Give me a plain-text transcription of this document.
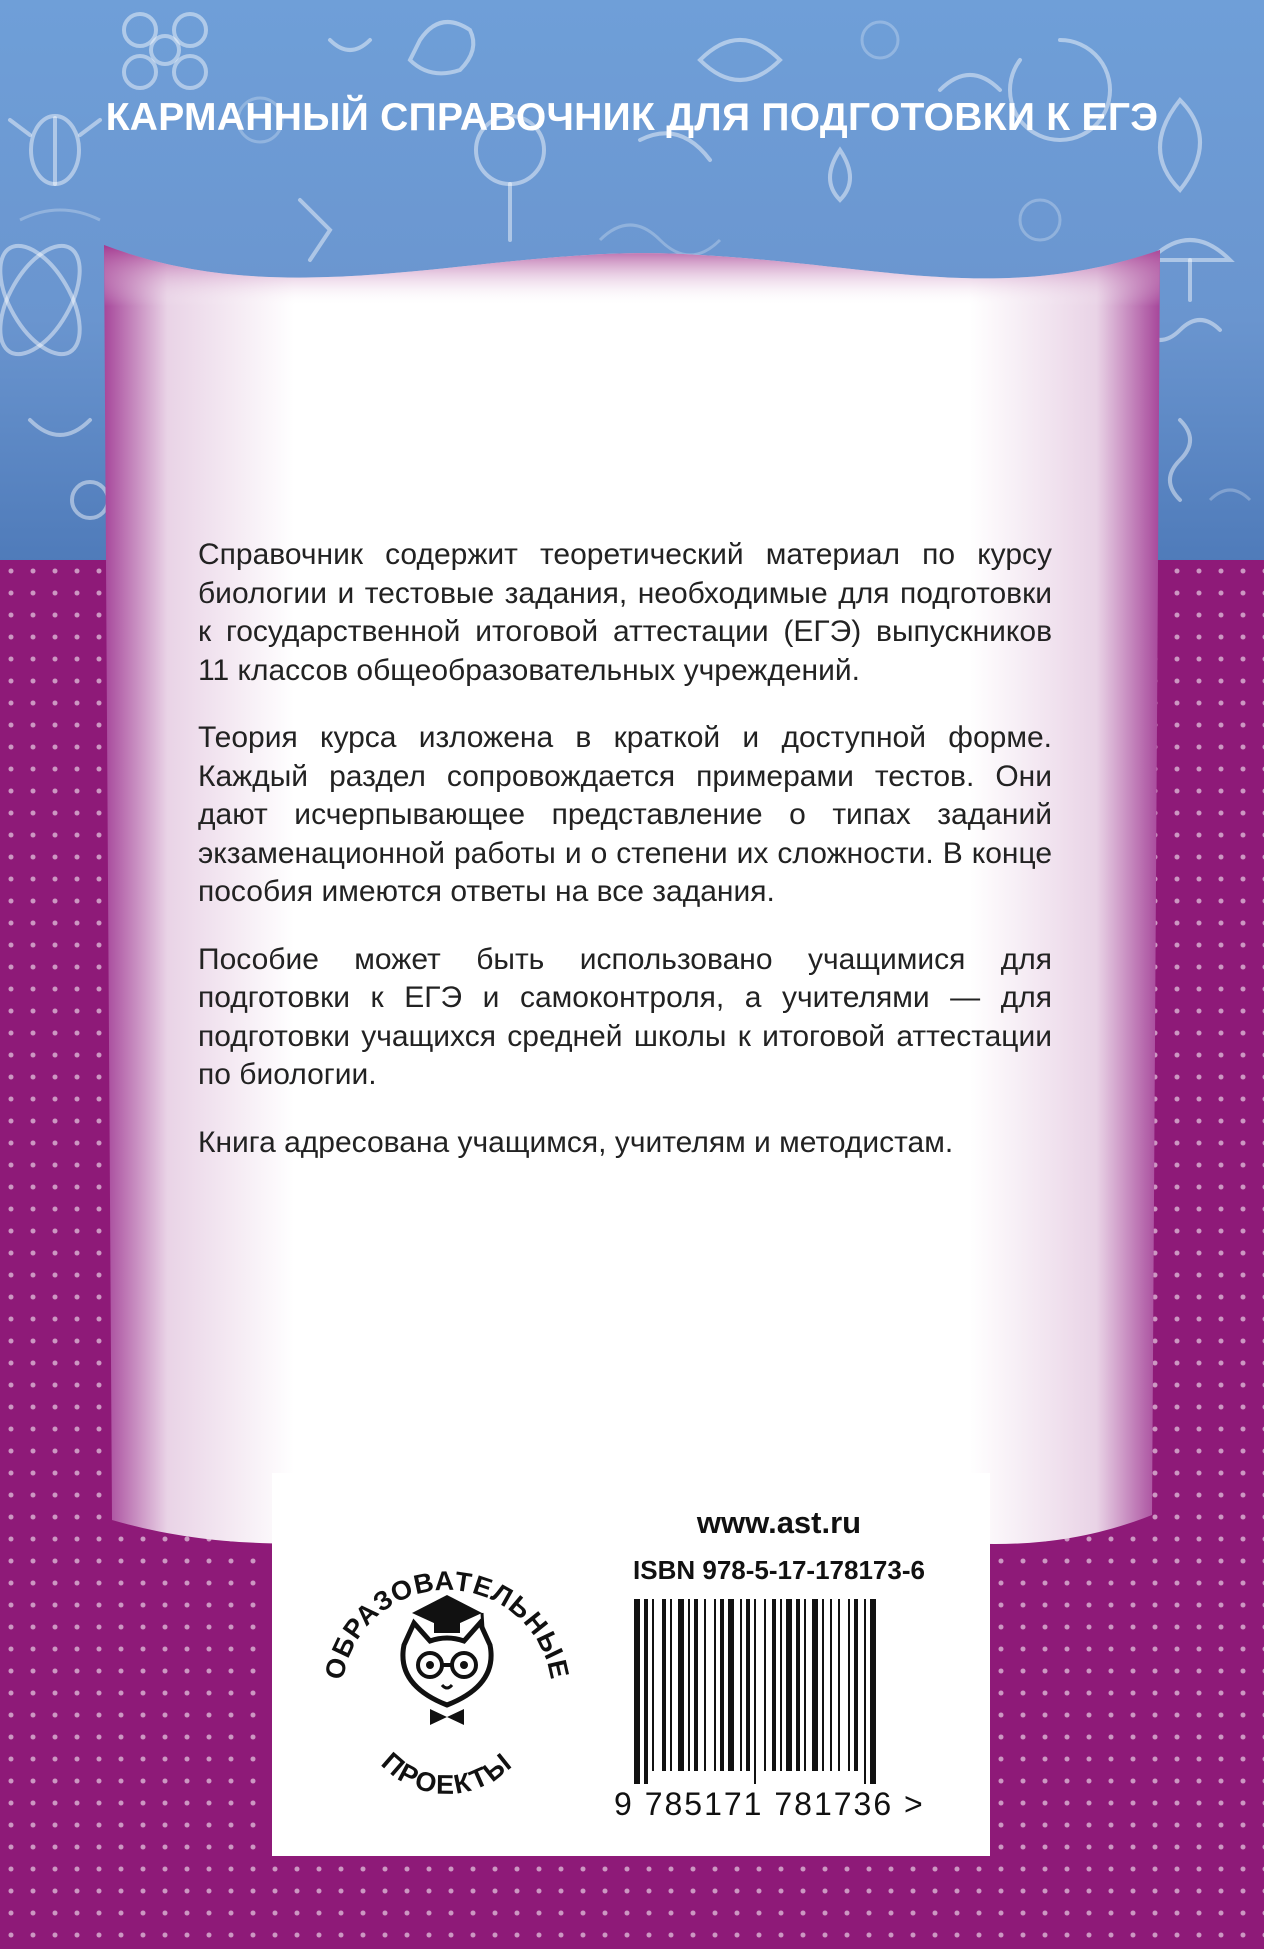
КАРМАННЫЙ СПРАВОЧНИК ДЛЯ ПОДГОТОВКИ К ЕГЭ

Справочник содержит теоретический материал по курсу биологии и тестовые задания, необходимые для подготовки к государственной итоговой аттестации (ЕГЭ) выпускников 11 классов общеобразовательных учреждений.

Теория курса изложена в краткой и доступной форме. Каждый раздел сопровождается примерами тестов. Они дают исчерпывающее представление о типах заданий экзаменационной работы и о степени их сложности. В конце пособия имеются ответы на все задания.

Пособие может быть использовано учащимися для подготовки к ЕГЭ и самоконтроля, а учителями — для подготовки учащихся средней школы к итоговой аттестации по биологии.

Книга адресована учащимся, учителям и методистам.

ОБРАЗОВАТЕЛЬНЫЕ
ПРОЕКТЫ
www.ast.ru
ISBN 978-5-17-178173-6
9 785171 781736 >
